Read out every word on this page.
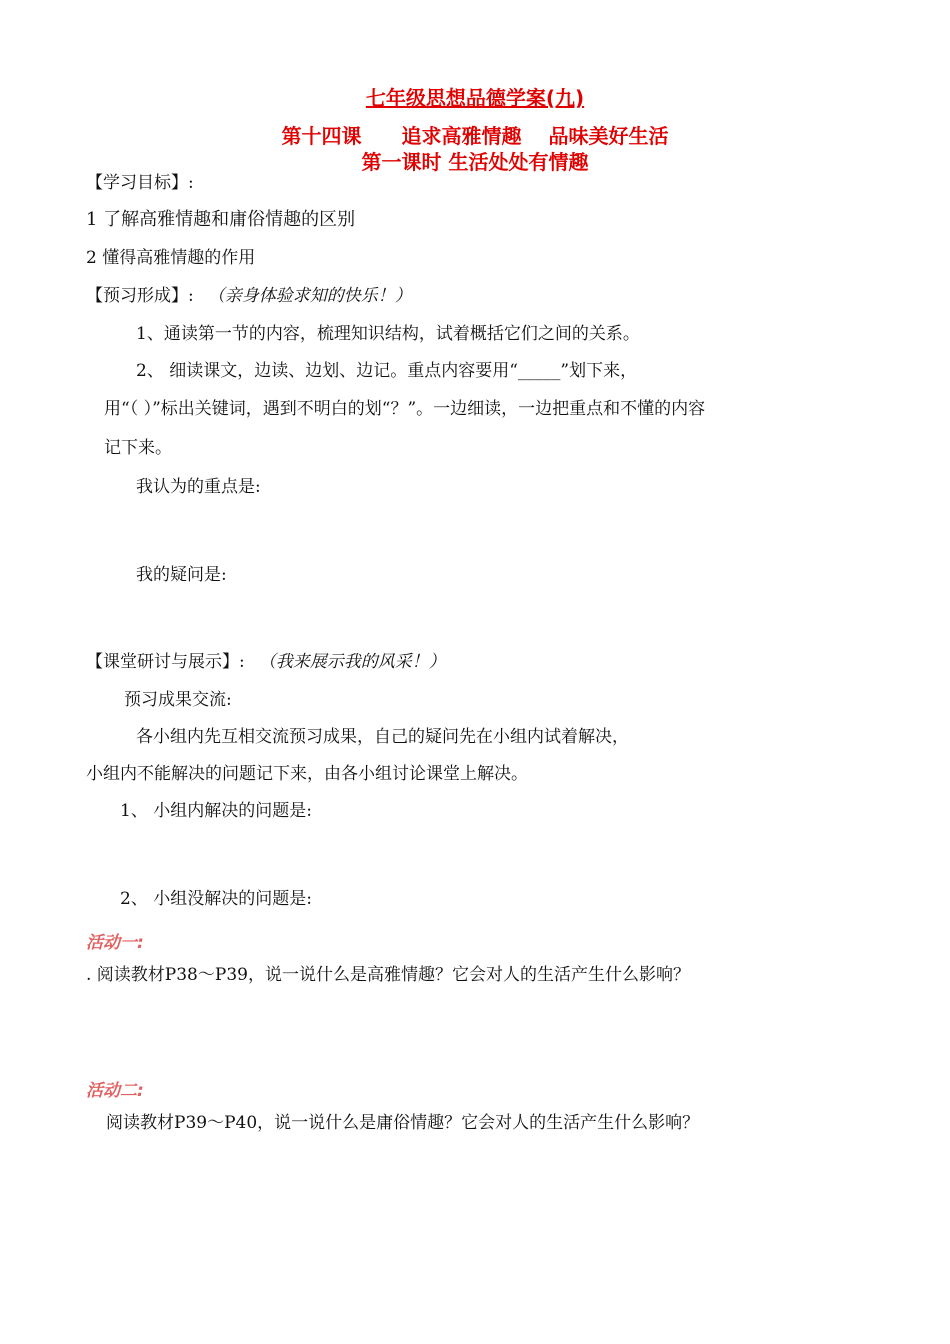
七年级思想品德学案(九)
第十四课　　追求高雅情趣　 品味美好生活
第一课时 生活处处有情趣
【学习目标】:
1 了解高雅情趣和庸俗情趣的区别
2 懂得高雅情趣的作用
【预习形成】: （亲身体验求知的快乐！）
1、通读第一节的内容，梳理知识结构，试着概括它们之间的关系。
2、 细读课文，边读、边划、边记。重点内容要用“_____”划下来，
用“（ ）”标出关键词，遇到不明白的划“？”。一边细读，一边把重点和不懂的内容
记下来。
我认为的重点是:
我的疑问是:
【课堂研讨与展示】: （我来展示我的风采！）
预习成果交流:
各小组内先互相交流预习成果，自己的疑问先在小组内试着解决，
小组内不能解决的问题记下来，由各小组讨论课堂上解决。
1、 小组内解决的问题是:
2、 小组没解决的问题是:
活动一:
. 阅读教材P38～P39，说一说什么是高雅情趣？它会对人的生活产生什么影响？
活动二:
阅读教材P39～P40，说一说什么是庸俗情趣？它会对人的生活产生什么影响？
